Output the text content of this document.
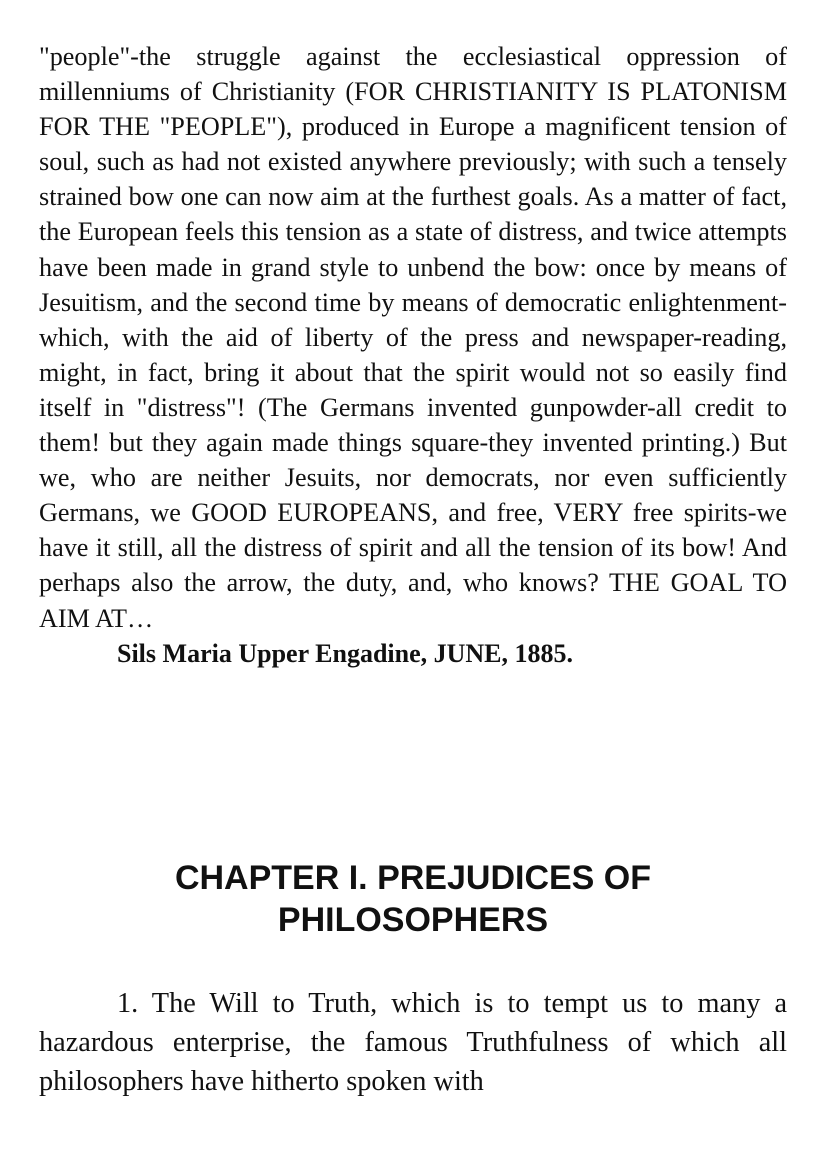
"people"-the struggle against the ecclesiastical oppression of millenniums of Christianity (FOR CHRISTIANITY IS PLATONISM FOR THE "PEOPLE"), produced in Europe a magnificent tension of soul, such as had not existed anywhere previously; with such a tensely strained bow one can now aim at the furthest goals. As a matter of fact, the European feels this tension as a state of distress, and twice attempts have been made in grand style to unbend the bow: once by means of Jesuitism, and the second time by means of democratic enlightenment-which, with the aid of liberty of the press and newspaper-reading, might, in fact, bring it about that the spirit would not so easily find itself in "distress"! (The Germans invented gunpowder-all credit to them! but they again made things square-they invented printing.) But we, who are neither Jesuits, nor democrats, nor even sufficiently Germans, we GOOD EUROPEANS, and free, VERY free spirits-we have it still, all the distress of spirit and all the tension of its bow! And perhaps also the arrow, the duty, and, who knows? THE GOAL TO AIM AT…

Sils Maria Upper Engadine, JUNE, 1885.

CHAPTER I. PREJUDICES OF
PHILOSOPHERS

1. The Will to Truth, which is to tempt us to many a hazardous enterprise, the famous Truthfulness of which all philosophers have hitherto spoken with
